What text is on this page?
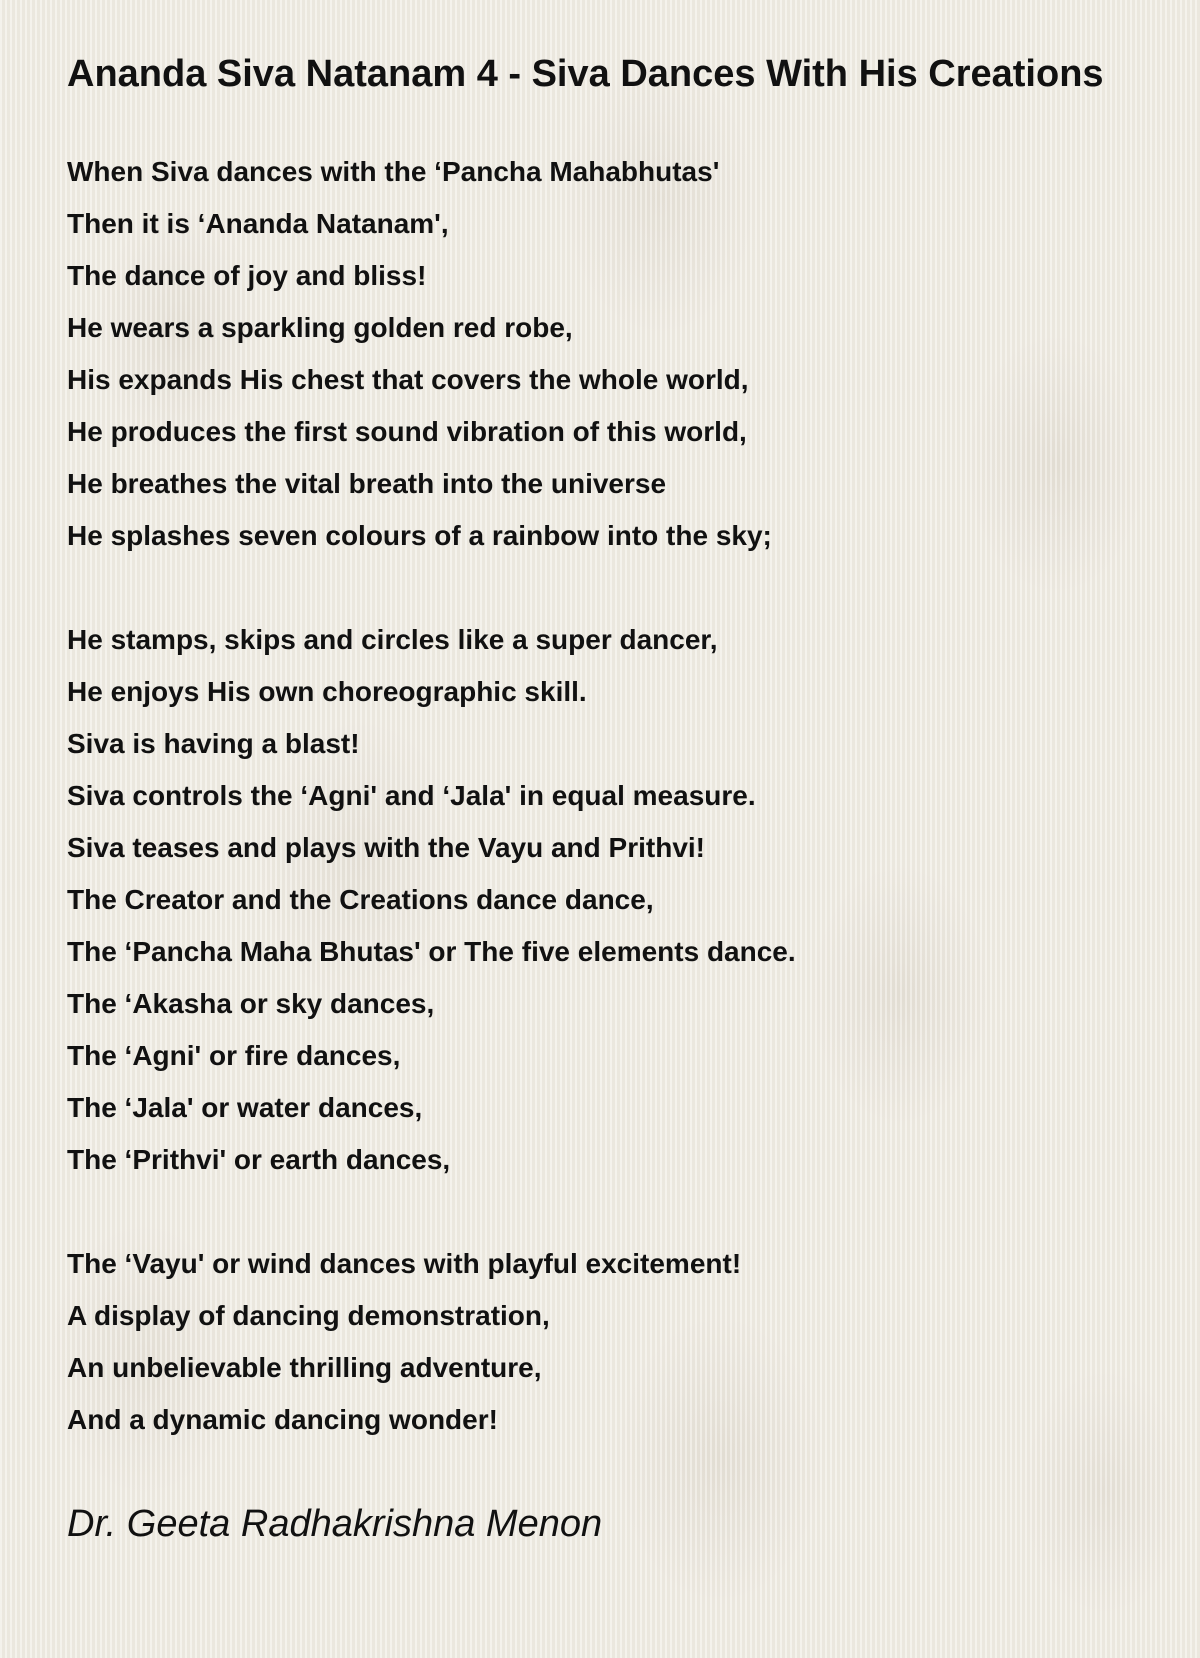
Ananda Siva Natanam 4 - Siva Dances With His Creations
When Siva dances with the ‘Pancha Mahabhutas'
Then it is ‘Ananda Natanam',
The dance of joy and bliss!
He wears a sparkling golden red robe,
His expands His chest that covers the whole world,
He produces the first sound vibration of this world,
He breathes the vital breath into the universe
He splashes seven colours of a rainbow into the sky;
He stamps, skips and circles like a super dancer,
He enjoys His own choreographic skill.
Siva is having a blast!
Siva controls the ‘Agni' and ‘Jala' in equal measure.
Siva teases and plays with the Vayu and Prithvi!
The Creator and the Creations dance dance,
The ‘Pancha Maha Bhutas' or The five elements dance.
The ‘Akasha or sky dances,
The ‘Agni' or fire dances,
The ‘Jala' or water dances,
The ‘Prithvi' or earth dances,
The ‘Vayu' or wind dances with playful excitement!
A display of dancing demonstration,
An unbelievable thrilling adventure,
And a dynamic dancing wonder!
Dr. Geeta Radhakrishna Menon
